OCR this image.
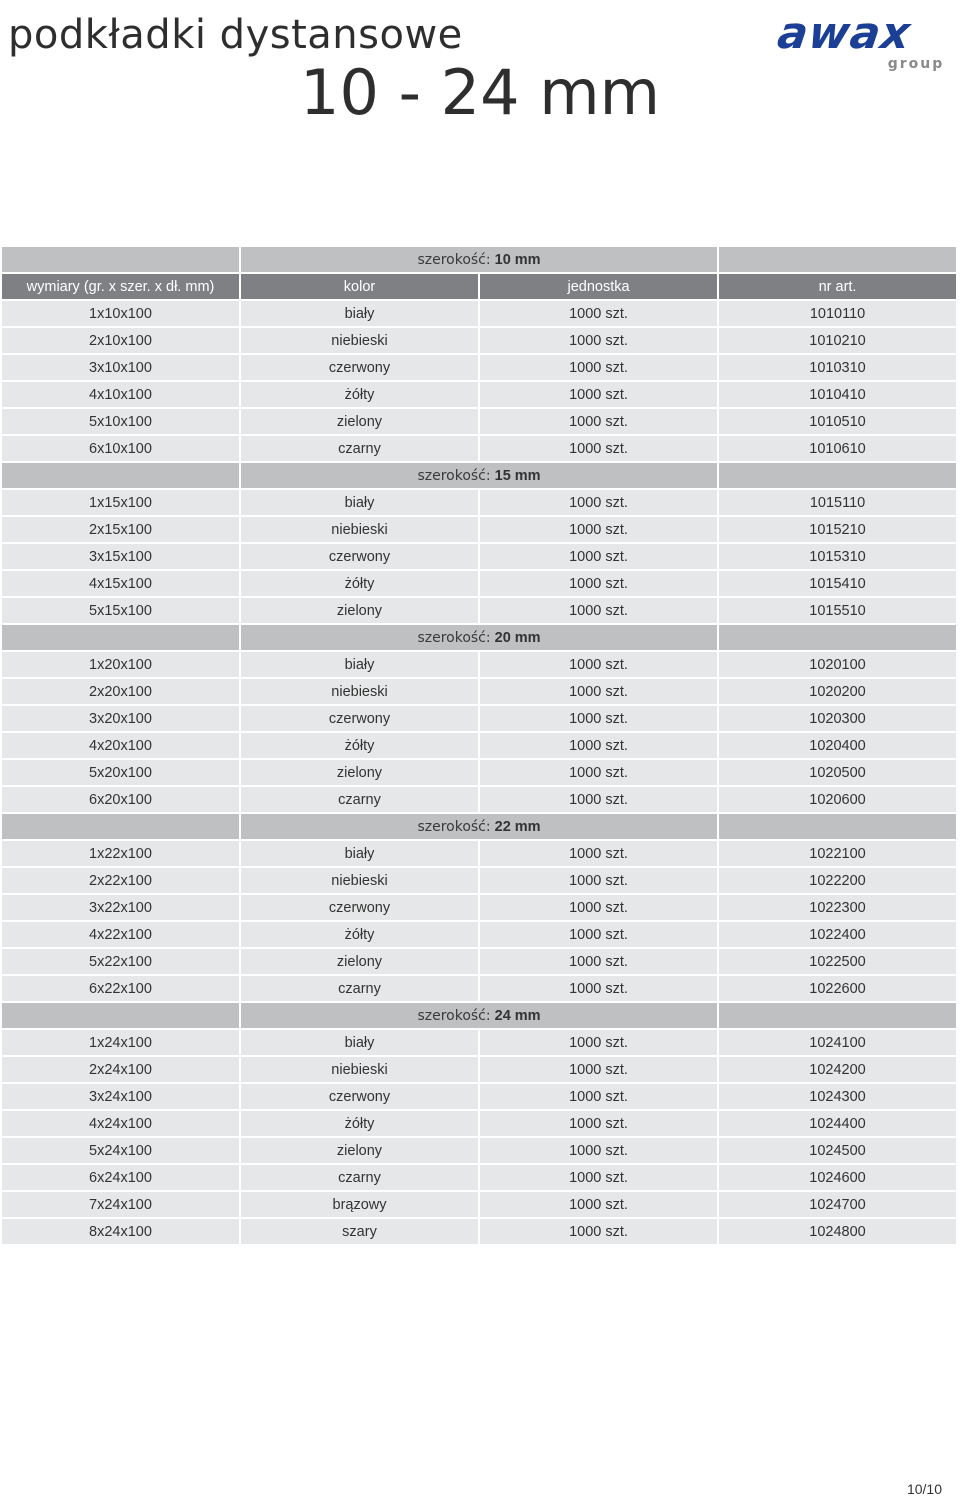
podkładki dystansowe
10 - 24 mm
awax
group
	szerokość: 10 mm		
wymiary (gr. x szer. x dł. mm)	kolor	jednostka	nr art.
1x10x100	biały	1000 szt.	1010110
2x10x100	niebieski	1000 szt.	1010210
3x10x100	czerwony	1000 szt.	1010310
4x10x100	żółty	1000 szt.	1010410
5x10x100	zielony	1000 szt.	1010510
6x10x100	czarny	1000 szt.	1010610
	szerokość: 15 mm		
1x15x100	biały	1000 szt.	1015110
2x15x100	niebieski	1000 szt.	1015210
3x15x100	czerwony	1000 szt.	1015310
4x15x100	żółty	1000 szt.	1015410
5x15x100	zielony	1000 szt.	1015510
	szerokość: 20 mm		
1x20x100	biały	1000 szt.	1020100
2x20x100	niebieski	1000 szt.	1020200
3x20x100	czerwony	1000 szt.	1020300
4x20x100	żółty	1000 szt.	1020400
5x20x100	zielony	1000 szt.	1020500
6x20x100	czarny	1000 szt.	1020600
	szerokość: 22 mm		
1x22x100	biały	1000 szt.	1022100
2x22x100	niebieski	1000 szt.	1022200
3x22x100	czerwony	1000 szt.	1022300
4x22x100	żółty	1000 szt.	1022400
5x22x100	zielony	1000 szt.	1022500
6x22x100	czarny	1000 szt.	1022600
	szerokość: 24 mm		
1x24x100	biały	1000 szt.	1024100
2x24x100	niebieski	1000 szt.	1024200
3x24x100	czerwony	1000 szt.	1024300
4x24x100	żółty	1000 szt.	1024400
5x24x100	zielony	1000 szt.	1024500
6x24x100	czarny	1000 szt.	1024600
7x24x100	brązowy	1000 szt.	1024700
8x24x100	szary	1000 szt.	1024800
10/10
